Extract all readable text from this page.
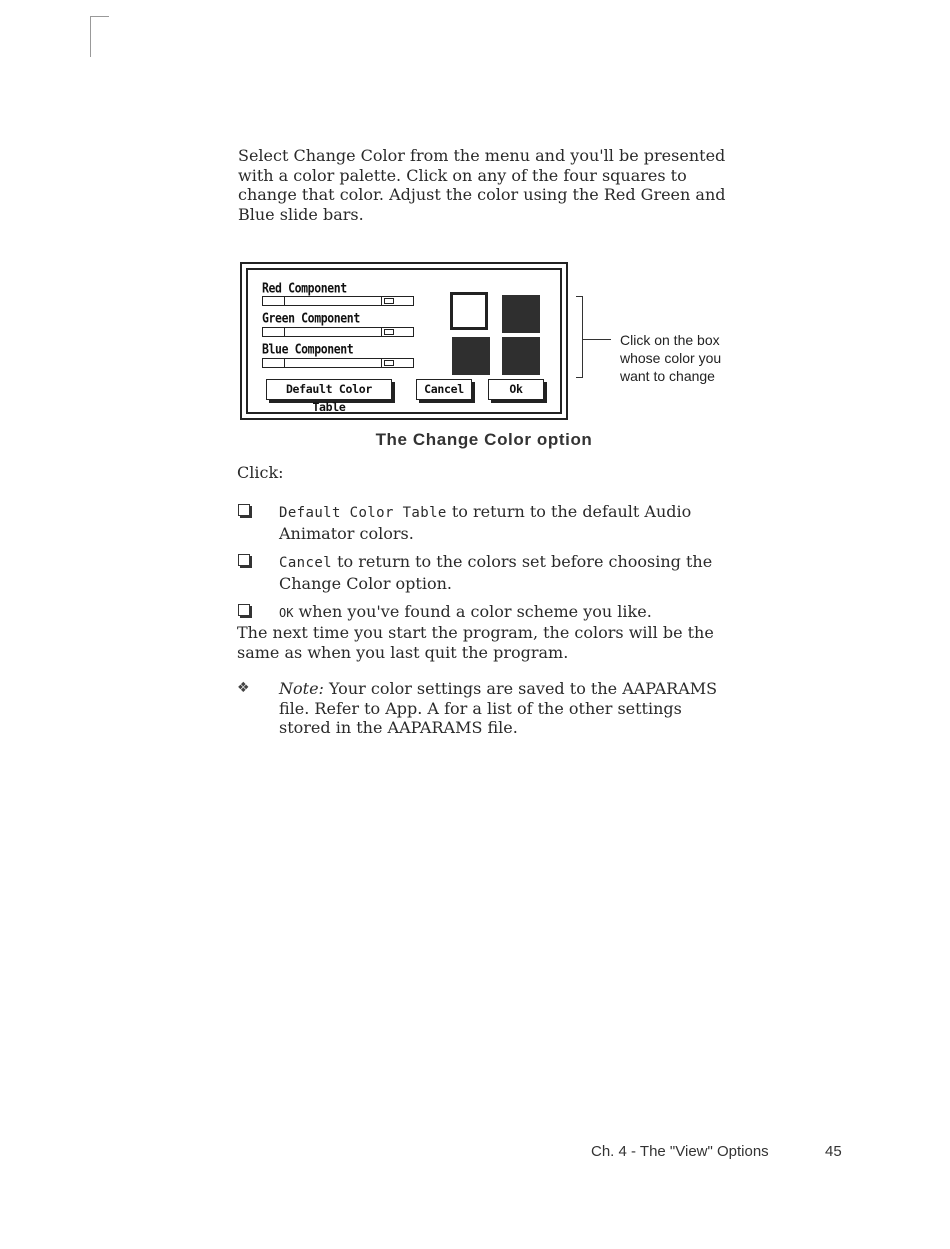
Select Change Color from the menu and you'll be presented with a color palette. Click on any of the four squares to change that color. Adjust the color using the Red Green and Blue slide bars.

Red Component
Green Component
Blue Component
Default Color Table
Cancel	Ok
Click on the box whose color you want to change
The Change Color option
Click:
Default Color Table to return to the default Audio Animator colors.
Cancel to return to the colors set before choosing the Change Color option.
OK when you've found a color scheme you like.

The next time you start the program, the colors will be the same as when you last quit the program.

❖ Note: Your color settings are saved to the AAPARAMS file. Refer to App. A for a list of the other settings stored in the AAPARAMS file.
Ch. 4 - The "View" Options	45
